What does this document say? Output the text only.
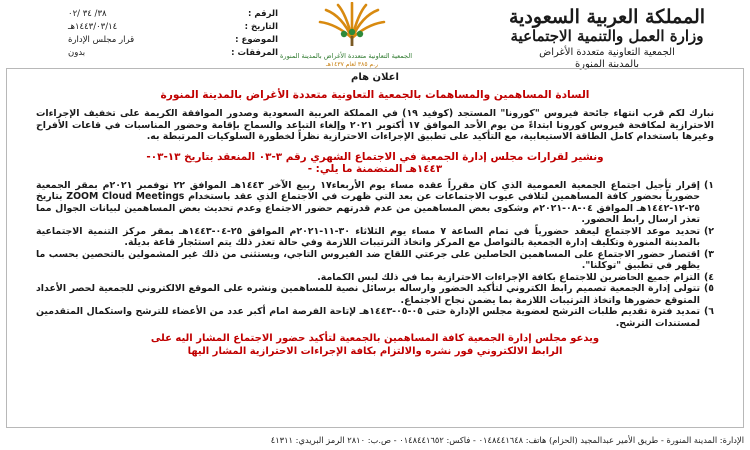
المملكة العربية السعودية
وزارة العمل والتنمية الاجتماعية
الجمعية التعاونية متعددة الأغراض
بالمدينة المنورة
الجمعية التعاونية متعددة الأغراض بالمدينة المنورة
ر.م ٣٨٥ لعام ١٤٣٧هـ
الرقم :
٣٨/ ٣٤ /٠٢
التاريخ :
١٤٤٣/٠٣/١٤هـ
الموضوع :
قرار مجلس الإدارة
المرفقات :
بدون
اعلان هام
السادة المساهمين والمساهمات بالجمعية التعاونية متعددة الأغراض بالمدينة المنورة
نبارك لكم قرب انتهاء جائحة فيروس "كورونا" المستجد (كوفيد ١٩) في المملكة العربية السعودية وصدور الموافقة الكريمة على تخفيف الإجراءات الاحترازية لمكافحة فيروس كورونا ابتداءً من يوم الأحد الموافق ١٧ أكتوبر ٢٠٢١ وإلغاء التباعد والسماح بإقامة وحضور المناسبات في قاعات الأفراح وغيرها باستخدام كامل الطاقة الاستيعابية، مع التأكيد على تطبيق الإجراءات الاحترازية نظراً لخطورة السلوكيات المرتبطة به.
ونشير لقرارات مجلس إدارة الجمعية في الاجتماع الشهري رقم ٣-٠٣ المنعقد بتاريخ ١٣-٠٣-
١٤٤٣هـ المتضمنة ما يلي: -
١)
إقرار تأجيل اجتماع الجمعية العمومية الذي كان مقرراً عقده مساء يوم الأربعاء١٧ ربيع الآخر ١٤٤٣هـ الموافق ٢٢ نوفمبر ٢٠٢١م بمقر الجمعية حضورياً بحضور كافة المساهمين لتلافي عيوب الاجتماعات عن بعد التي ظهرت في الاجتماع الذي عقد باستخدام ZOOM Cloud Meetings بتاريخ ٢٥-١٢-١٤٤٢هـ الموافق ٠٤-٠٨-٢٠٢١م وشكوى بعض المساهمين من عدم قدرتهم حضور الاجتماع وعدم تحديث بعض المساهمين لبيانات الجوال مما تعذر ارسال رابط الحضور.
٢)
تحديد موعد الاجتماع ليعقد حضورياً في تمام الساعة ٧ مساء يوم الثلاثاء ٣٠-١١-٢٠٢١م الموافق ٢٥-٠٤-١٤٤٣هـ بمقر مركز التنمية الاجتماعية بالمدينة المنورة وتكليف إدارة الجمعية بالتواصل مع المركز واتخاذ الترتيبات اللازمة وفي حالة تعذر ذلك يتم استئجار قاعة بديلة.
٣)
اقتصار حضور الاجتماع على المساهمين الحاصلين على جرعتي اللقاح ضد الفيروس التاجي، ويستثنى من ذلك غير المشمولين بالتحصين بحسب ما يظهر في تطبيق "توكلنا".
٤)
التزام جميع الحاضرين للاجتماع بكافة الإجراءات الاحترازية بما في ذلك لبس الكمامة.
٥)
تتولى إدارة الجمعية تصميم رابط الكتروني لتأكيد الحضور وارساله برسائل نصية للمساهمين ونشره على الموقع الالكتروني للجمعية لحصر الأعداد المتوقع حضورها واتخاذ الترتيبات اللازمة بما يضمن نجاح الاجتماع.
٦)
تمديد فترة تقديم طلبات الترشح لعضوية مجلس الإدارة حتى ٠٥-٠٥-١٤٤٣هـ لإتاحة الفرصة امام أكبر عدد من الأعضاء للترشح واستكمال المتقدمين لمستندات الترشح.
ويدعو مجلس إدارة الجمعية كافة المساهمين بالجمعية لتأكيد حضور الاجتماع المشار اليه على
الرابط الالكتروني فور نشره والالتزام بكافة الإجراءات الاحترازية المشار اليها
الإدارة: المدينة المنورة - طريق الأمير عبدالمجيد (الحزام) هاتف: ٠١٤٨٤٤١٦٤٨ - فاكس: ٠١٤٨٤٤١٦٥٢ - ص.ب: ٢٨١٠ الرمز البريدي: ٤١٣١١
